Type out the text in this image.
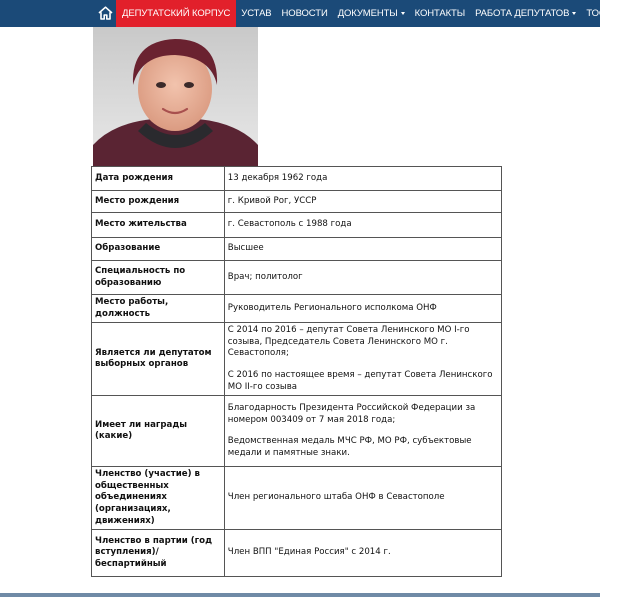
ДЕПУТАТСКИЙ КОРПУС УСТАВ НОВОСТИ ДОКУМЕНТЫ КОНТАКТЫ РАБОТА ДЕПУТАТОВ ТОС
Дата рождения	13 декабря 1962 года

Место рождения	г. Кривой Рог, УССР

Место жительства	г. Севастополь с 1988 года

Образование	Высшее

Специальность по образованию	Врач; политолог

Место работы, должность	Руководитель Регионального исполкома ОНФ

Является ли депутатом выборных органов	С 2014 по 2016 – депутат Совета Ленинского МО I-го созыва, Председатель Совета Ленинского МО г. Севастополя;
С 2016 по настоящее время – депутат Совета Ленинского МО II-го созыва

Имеет ли награды (какие)	Благодарность Президента Российской Федерации за номером 003409 от 7 мая 2018 года;
Ведомственная медаль МЧС РФ, МО РФ, субъектовые медали и памятные знаки.

Членство (участие) в общественных объединениях (организациях, движениях)	Член регионального штаба ОНФ в Севастополе

Членство в партии (год вступления)/ беспартийный	Член ВПП "Единая Россия" с 2014 г.
